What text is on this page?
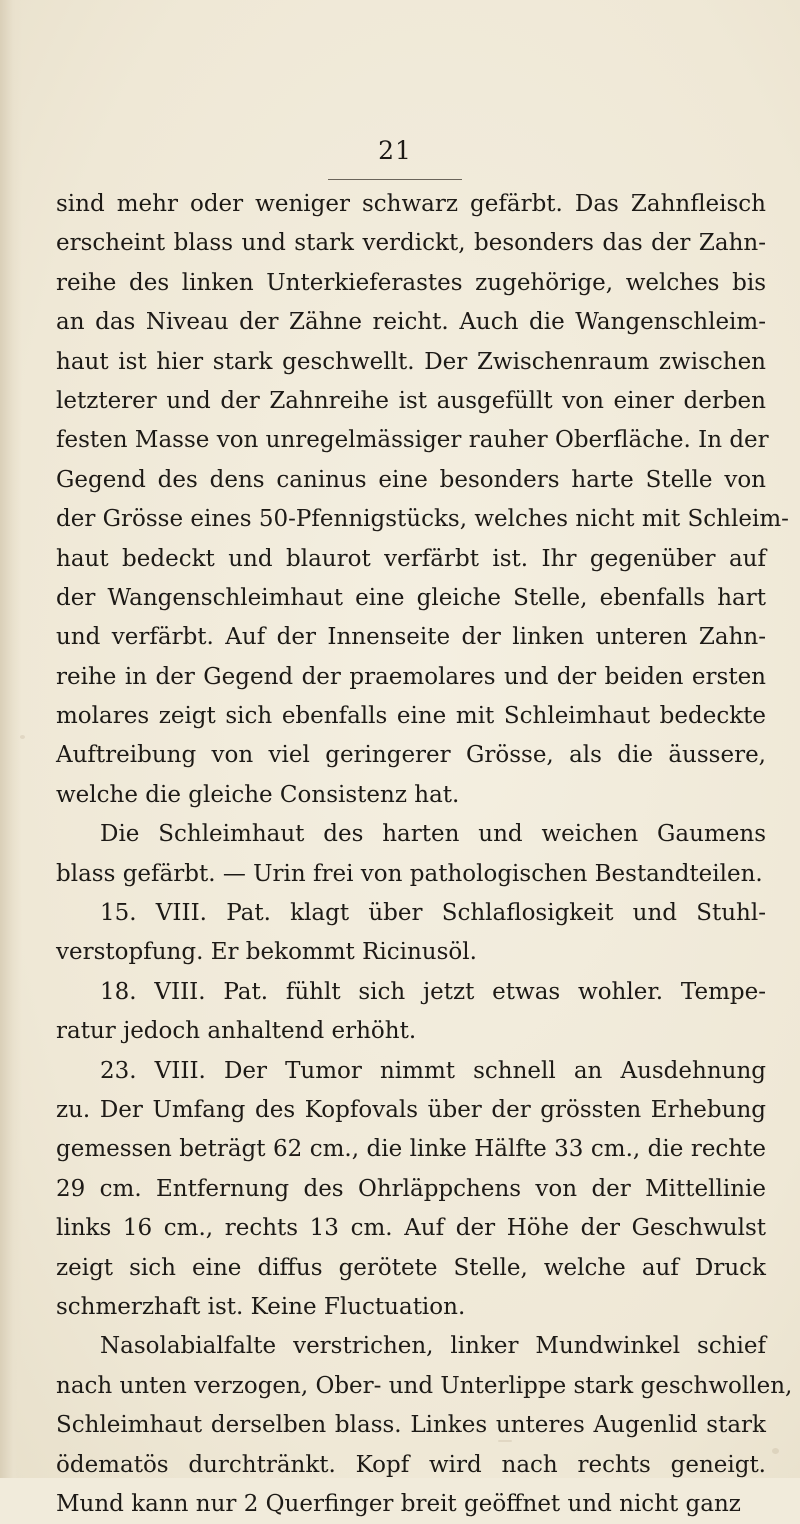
21
sind mehr oder weniger schwarz gefärbt. Das Zahnfleisch
erscheint blass und stark verdickt, besonders das der Zahn-
reihe des linken Unterkieferastes zugehörige, welches bis
an das Niveau der Zähne reicht. Auch die Wangenschleim-
haut ist hier stark geschwellt. Der Zwischenraum zwischen
letzterer und der Zahnreihe ist ausgefüllt von einer derben
festen Masse von unregelmässiger rauher Oberfläche. In der
Gegend des dens caninus eine besonders harte Stelle von
der Grösse eines 50-Pfennigstücks, welches nicht mit Schleim-
haut bedeckt und blaurot verfärbt ist. Ihr gegenüber auf
der Wangenschleimhaut eine gleiche Stelle, ebenfalls hart
und verfärbt. Auf der Innenseite der linken unteren Zahn-
reihe in der Gegend der praemolares und der beiden ersten
molares zeigt sich ebenfalls eine mit Schleimhaut bedeckte
Auftreibung von viel geringerer Grösse, als die äussere,
welche die gleiche Consistenz hat.
Die Schleimhaut des harten und weichen Gaumens
blass gefärbt. — Urin frei von pathologischen Bestandteilen.
15. VIII. Pat. klagt über Schlaflosigkeit und Stuhl-
verstopfung. Er bekommt Ricinusöl.
18. VIII. Pat. fühlt sich jetzt etwas wohler. Tempe-
ratur jedoch anhaltend erhöht.
23. VIII. Der Tumor nimmt schnell an Ausdehnung
zu. Der Umfang des Kopfovals über der grössten Erhebung
gemessen beträgt 62 cm., die linke Hälfte 33 cm., die rechte
29 cm. Entfernung des Ohrläppchens von der Mittellinie
links 16 cm., rechts 13 cm. Auf der Höhe der Geschwulst
zeigt sich eine diffus gerötete Stelle, welche auf Druck
schmerzhaft ist. Keine Fluctuation.
Nasolabialfalte verstrichen, linker Mundwinkel schief
nach unten verzogen, Ober- und Unterlippe stark geschwollen,
Schleimhaut derselben blass. Linkes unteres Augenlid stark
ödematös durchtränkt. Kopf wird nach rechts geneigt.
Mund kann nur 2 Querfinger breit geöffnet und nicht ganz
